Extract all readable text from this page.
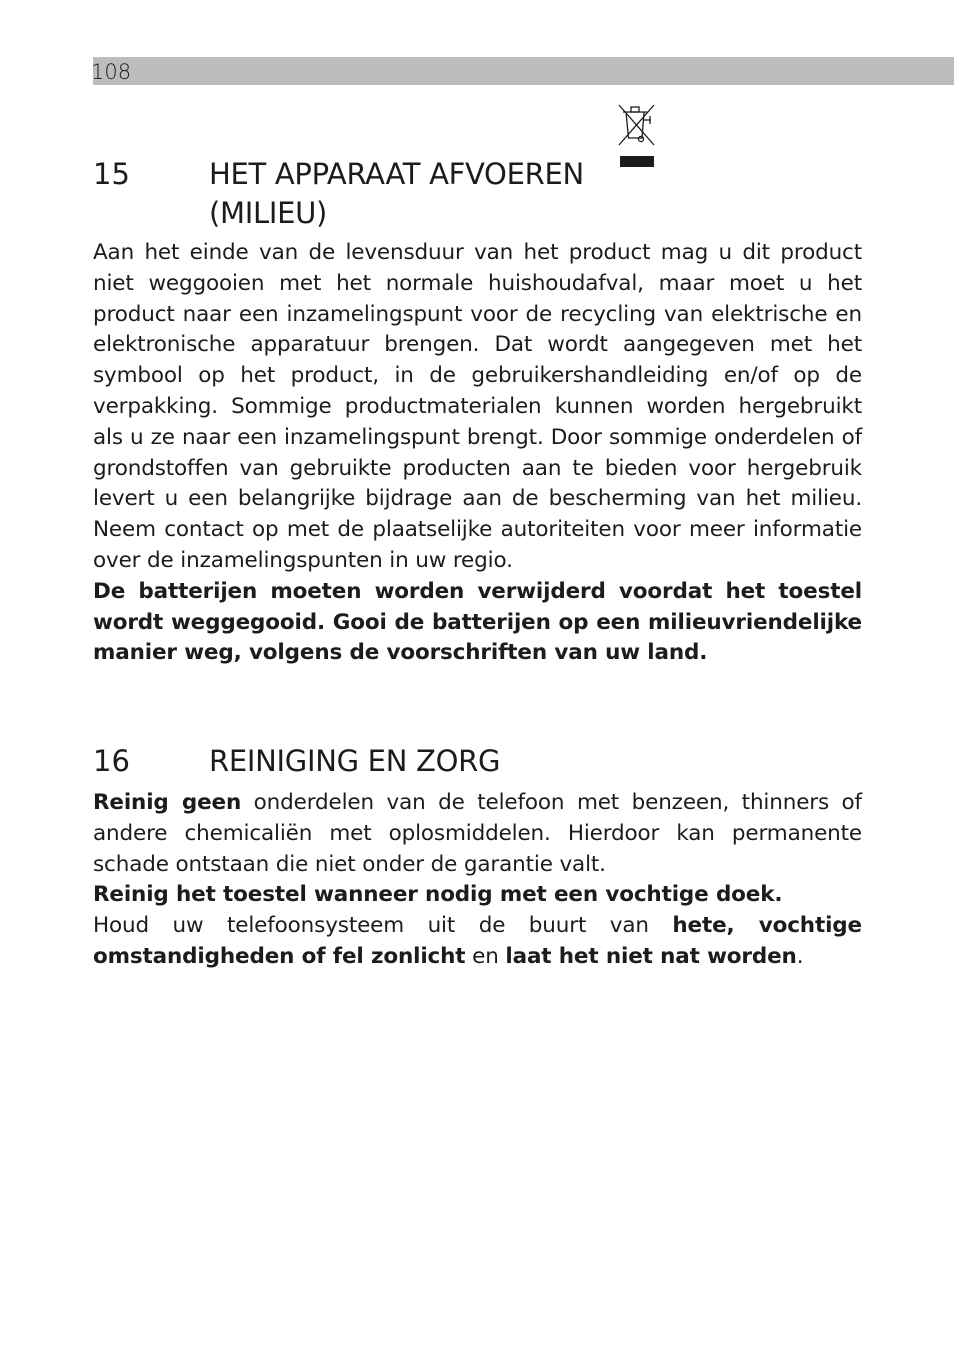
108
15	HET APPARAAT AFVOEREN
(MILIEU)

Aan het einde van de levensduur van het product mag u dit product niet weggooien met het normale huishoudafval, maar moet u het product naar een inzamelingspunt voor de recycling van elektrische en elektronische apparatuur brengen. Dat wordt aangegeven met het symbool op het product, in de gebruikershandleiding en/of op de verpakking. Sommige productmaterialen kunnen worden hergebruikt als u ze naar een inzamelingspunt brengt. Door sommige onderdelen of grondstoffen van gebruikte producten aan te bieden voor hergebruik levert u een belangrijke bijdrage aan de bescherming van het milieu. Neem contact op met de plaatselijke autoriteiten voor meer informatie over de inzamelingspunten in uw regio.

De batterijen moeten worden verwijderd voordat het toestel wordt weggegooid. Gooi de batterijen op een milieuvriendelijke manier weg, volgens de voorschriften van uw land.

16	REINIGING EN ZORG

Reinig geen onderdelen van de telefoon met benzeen, thinners of andere chemicaliën met oplosmiddelen. Hierdoor kan permanente schade ontstaan die niet onder de garantie valt.

Reinig het toestel wanneer nodig met een vochtige doek.

Houd uw telefoonsysteem uit de buurt van hete, vochtige omstandigheden of fel zonlicht en laat het niet nat worden.
